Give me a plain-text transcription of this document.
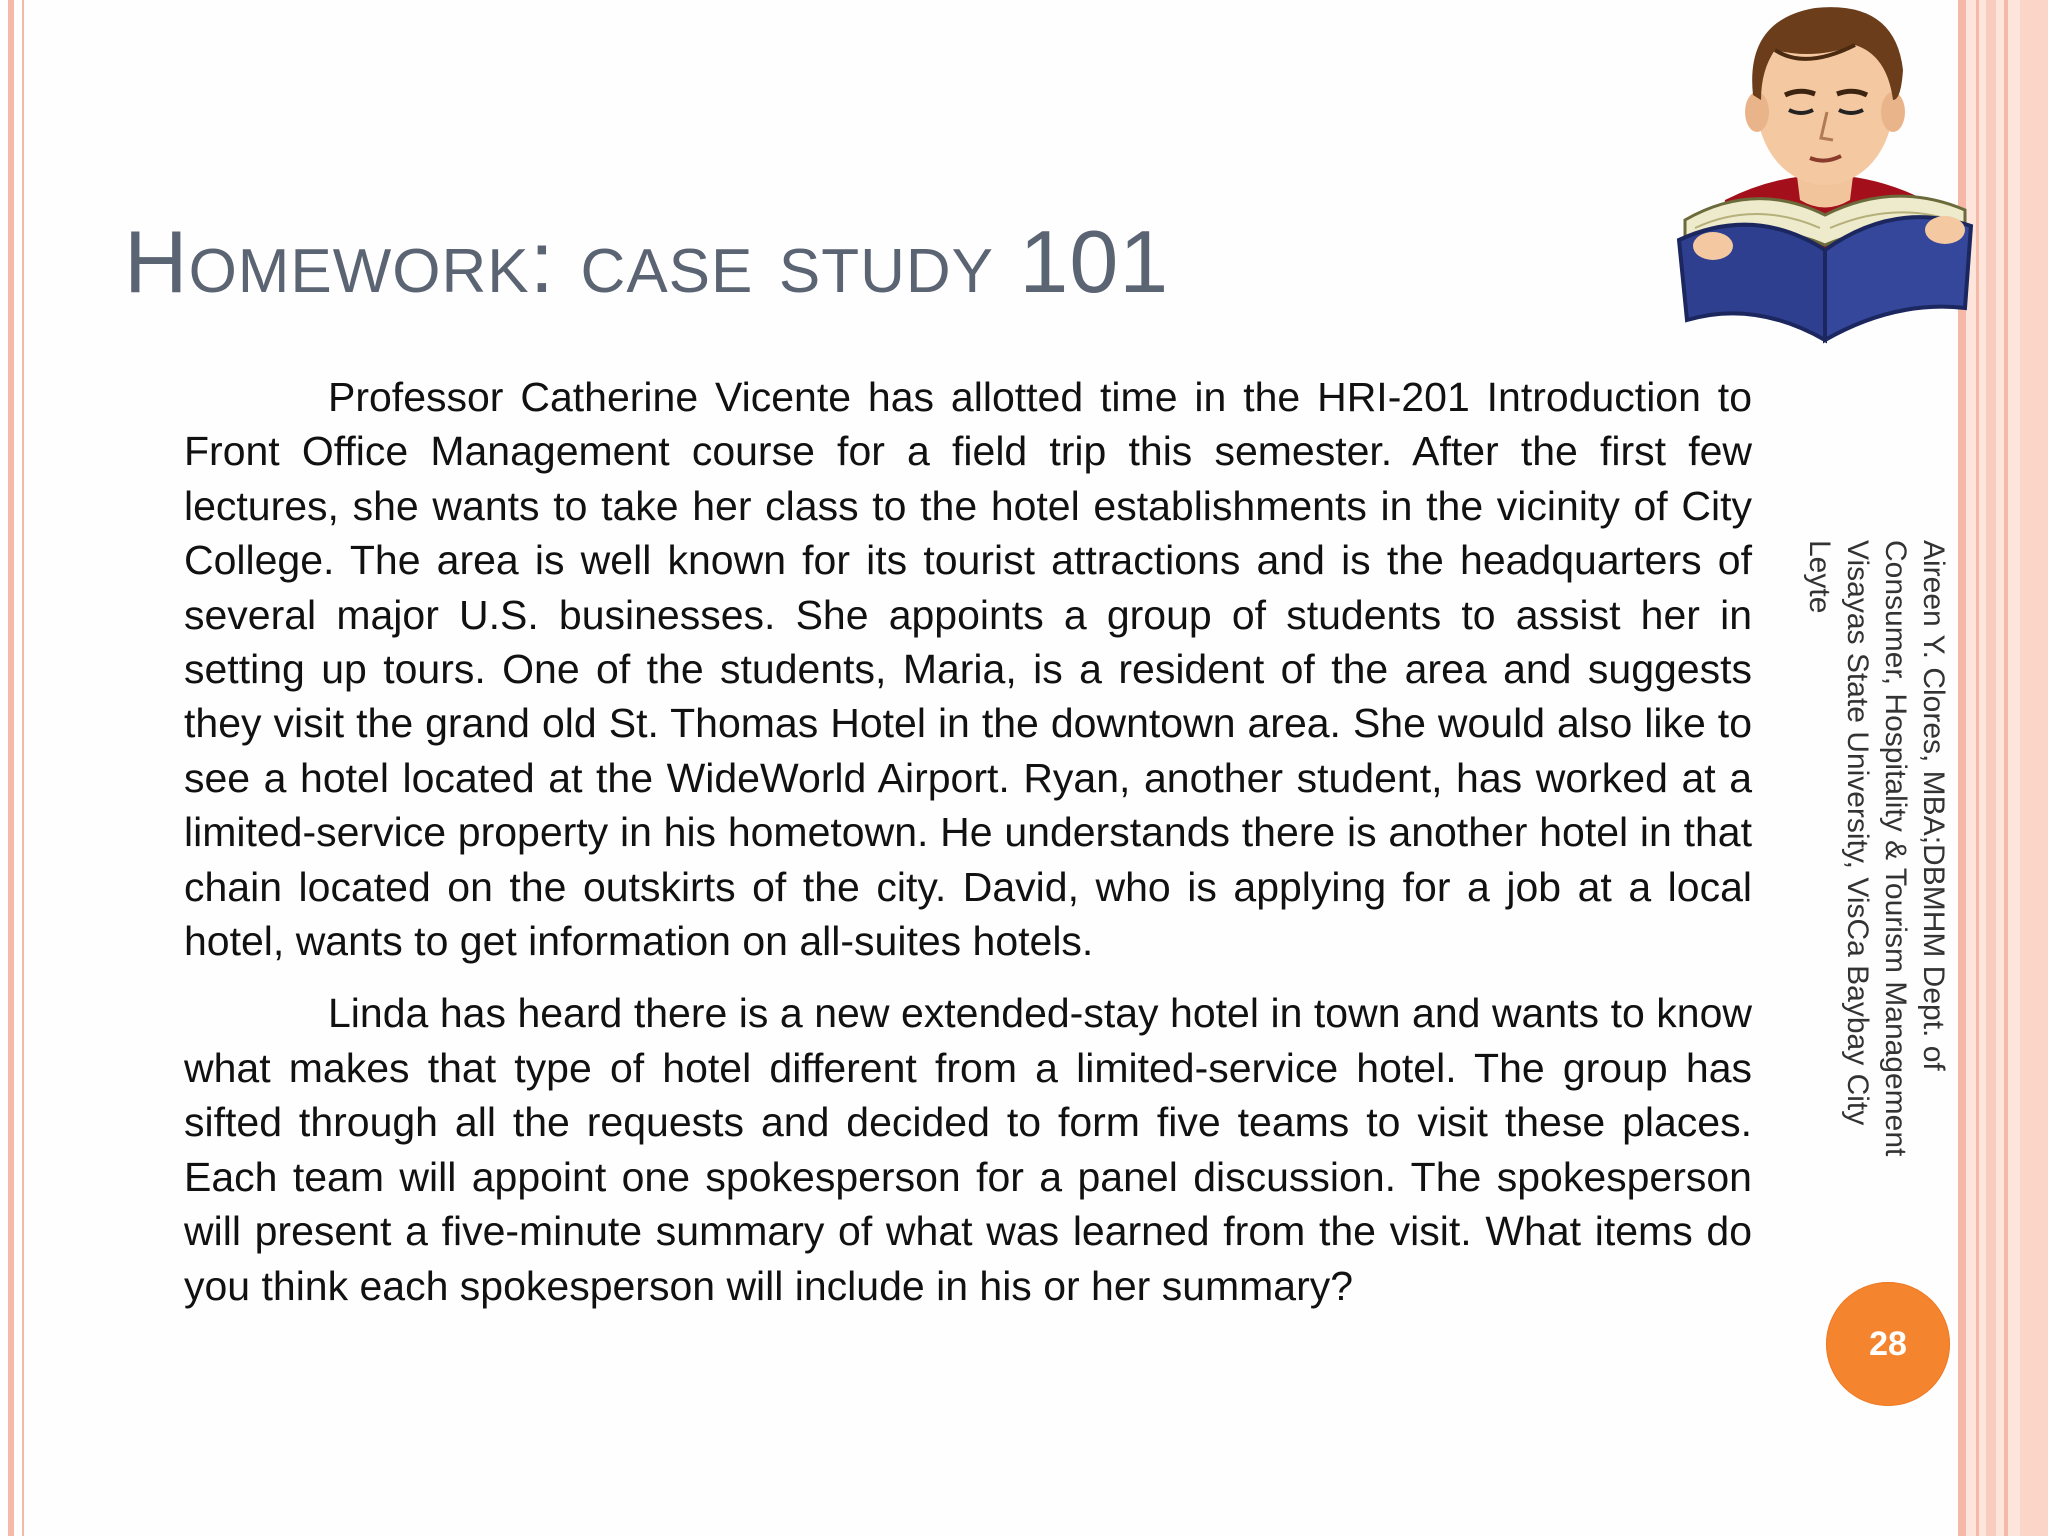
Homework: case study 101

Professor Catherine Vicente has allotted time in the HRI-201 Introduction to Front Office Management course for a field trip this semester. After the first few lectures, she wants to take her class to the hotel establishments in the vicinity of City College. The area is well known for its tourist attractions and is the headquarters of several major U.S. businesses. She appoints a group of students to assist her in setting up tours. One of the students, Maria, is a resident of the area and suggests they visit the grand old St. Thomas Hotel in the downtown area. She would also like to see a hotel located at the WideWorld Airport. Ryan, another student, has worked at a limited-service property in his hometown. He understands there is another hotel in that chain located on the outskirts of the city. David, who is applying for a job at a local hotel, wants to get information on all-suites hotels.

Linda has heard there is a new extended-stay hotel in town and wants to know what makes that type of hotel different from a limited-service hotel. The group has sifted through all the requests and decided to form five teams to visit these places. Each team will appoint one spokesperson for a panel discussion. The spokesperson will present a five-minute summary of what was learned from the visit. What items do you think each spokesperson will include in his or her summary?

Aireen Y. Clores, MBA;DBMHM Dept. of Consumer, Hospitality & Tourism Management Visayas State University, VisCa Baybay City Leyte
28
